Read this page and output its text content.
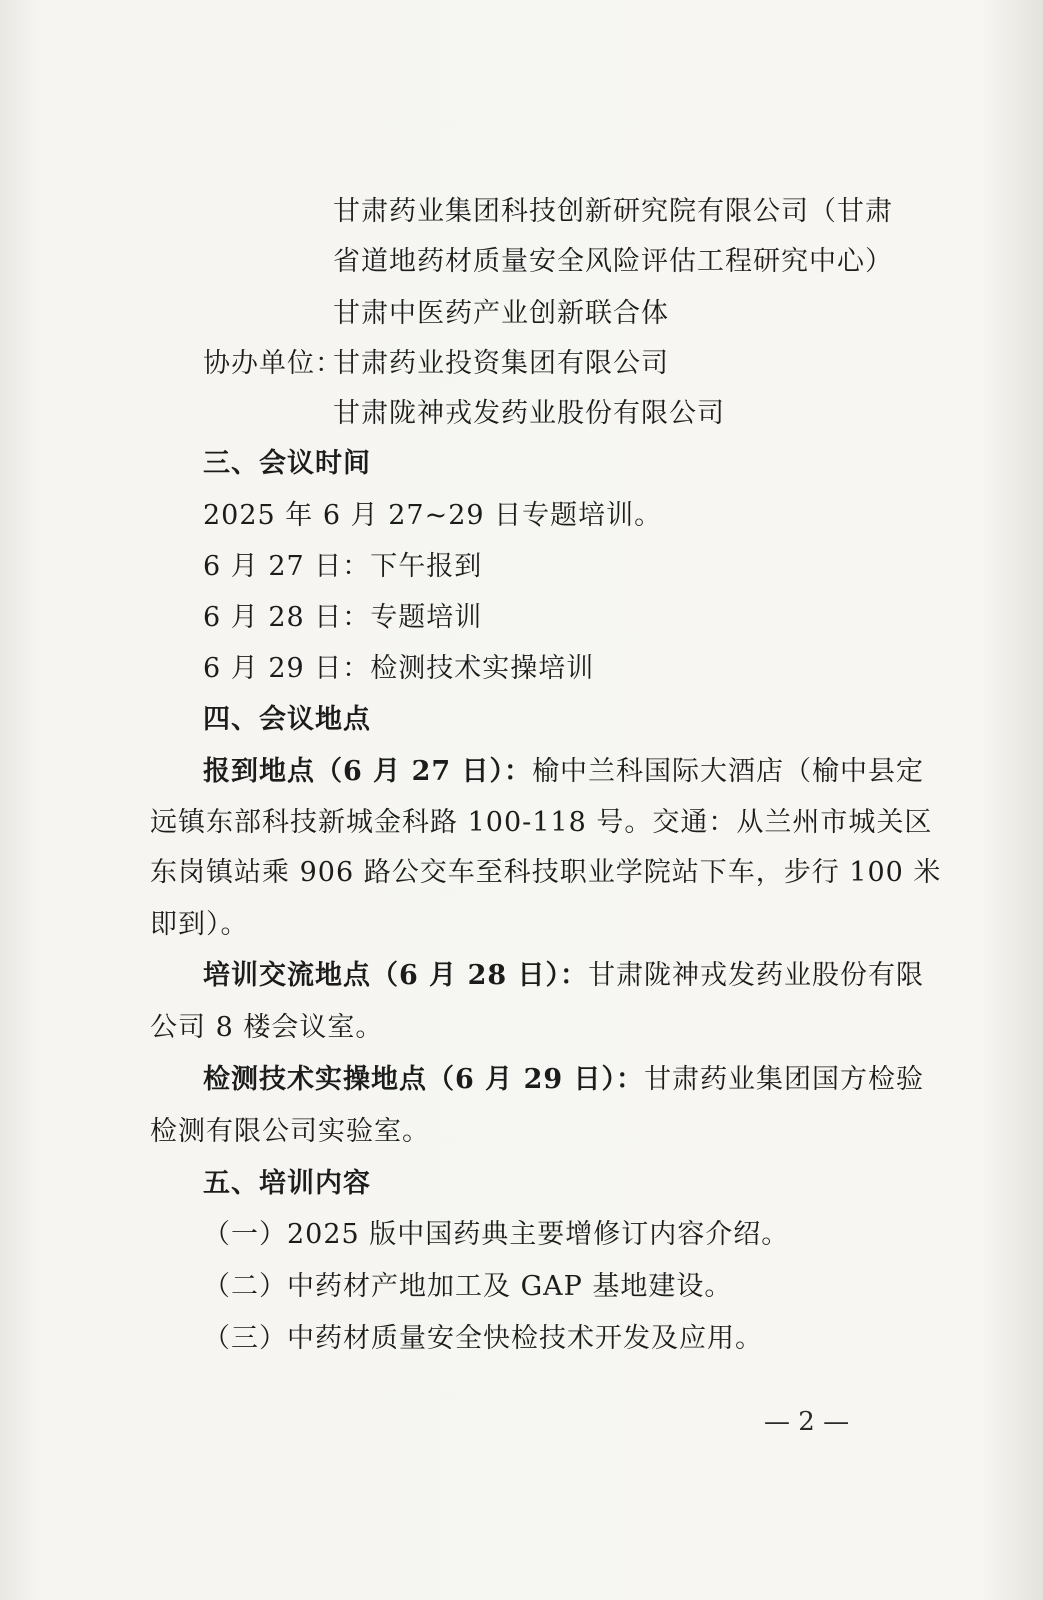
甘肃药业集团科技创新研究院有限公司（甘肃
省道地药材质量安全风险评估工程研究中心）
甘肃中医药产业创新联合体
协办单位：
甘肃药业投资集团有限公司
甘肃陇神戎发药业股份有限公司
三、会议时间
2025 年 6 月 27~29 日专题培训。
6 月 27 日：下午报到
6 月 28 日：专题培训
6 月 29 日：检测技术实操培训
四、会议地点
报到地点（6 月 27 日）：榆中兰科国际大酒店（榆中县定
远镇东部科技新城金科路 100-118 号。交通：从兰州市城关区
东岗镇站乘 906 路公交车至科技职业学院站下车，步行 100 米
即到）。
培训交流地点（6 月 28 日）：甘肃陇神戎发药业股份有限
公司 8 楼会议室。
检测技术实操地点（6 月 29 日）：甘肃药业集团国方检验
检测有限公司实验室。
五、培训内容
（一）2025 版中国药典主要增修订内容介绍。
（二）中药材产地加工及 GAP 基地建设。
（三）中药材质量安全快检技术开发及应用。
— 2 —
